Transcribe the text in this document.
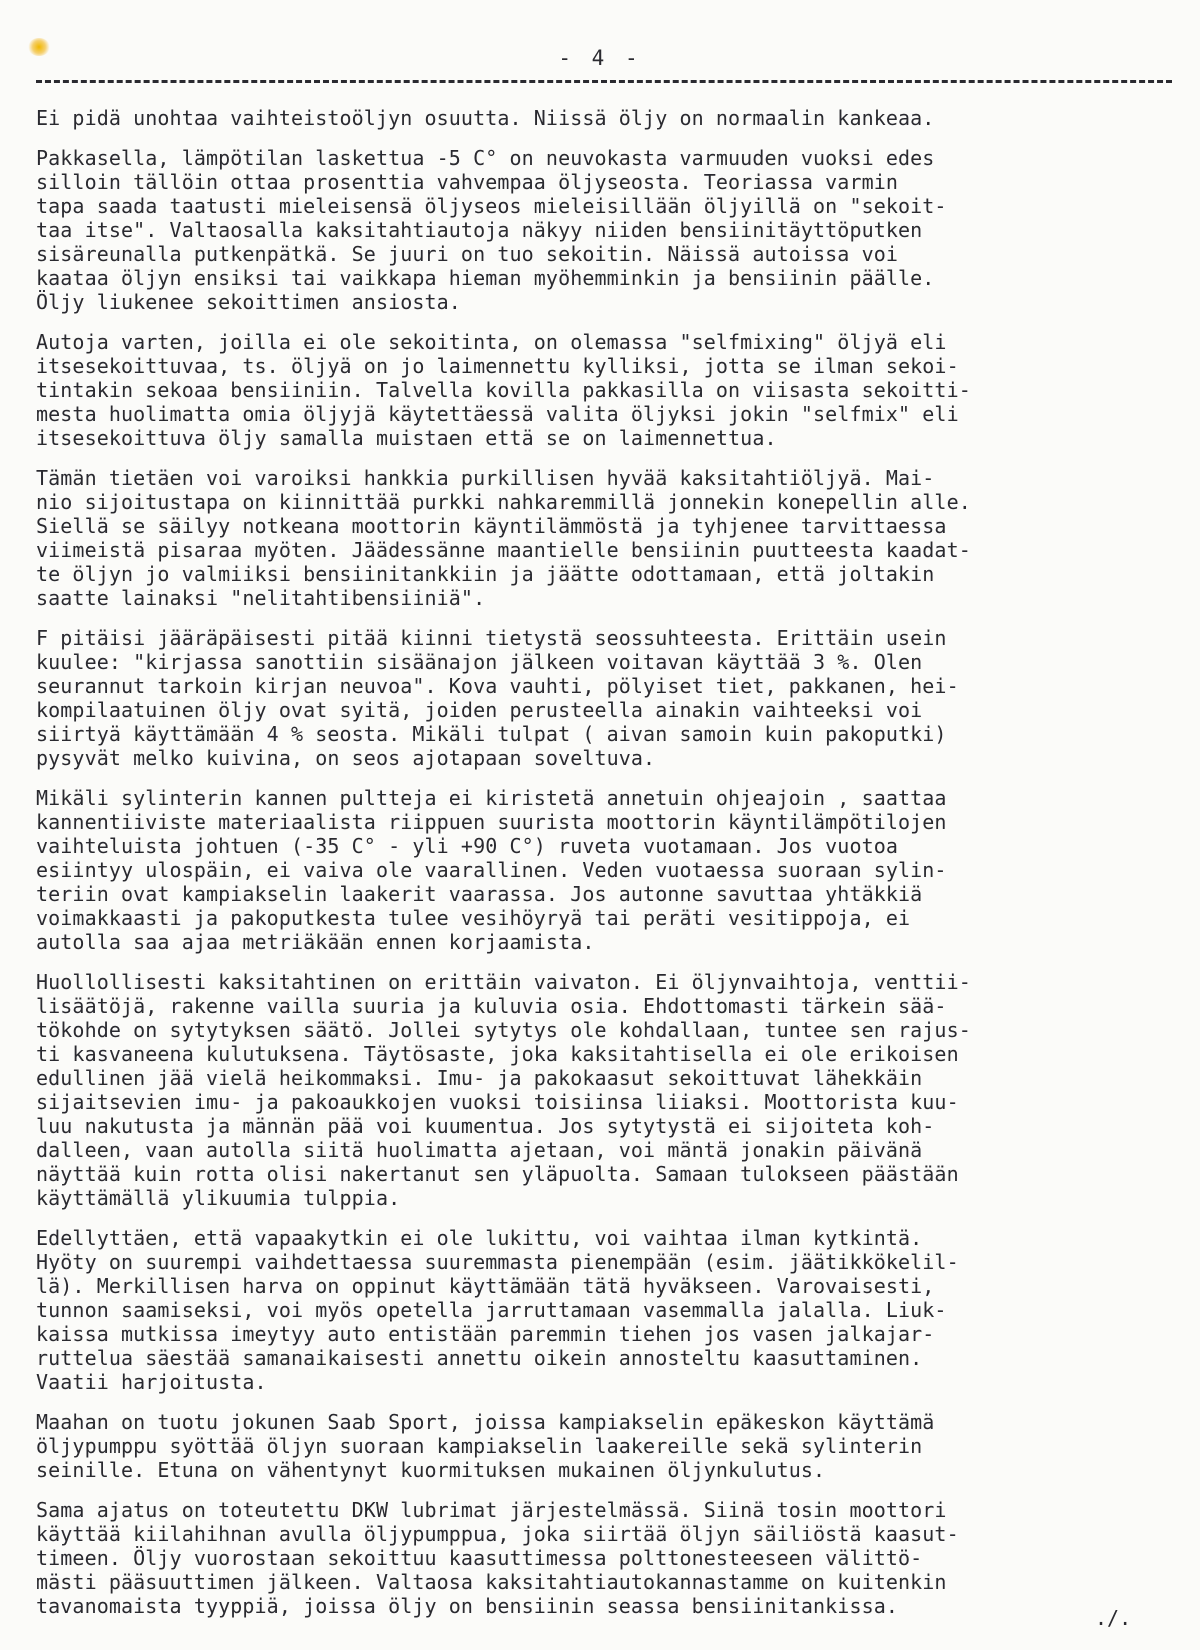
- 4 -
Ei pidä unohtaa vaihteistoöljyn osuutta. Niissä öljy on normaalin kankeaa.
Pakkasella, lämpötilan laskettua -5 C° on neuvokasta varmuuden vuoksi edes
silloin tällöin ottaa prosenttia vahvempaa öljyseosta. Teoriassa varmin
tapa saada taatusti mieleisensä öljyseos mieleisillään öljyillä on "sekoit-
taa itse". Valtaosalla kaksitahtiautoja näkyy niiden bensiinitäyttöputken
sisäreunalla putkenpätkä. Se juuri on tuo sekoitin. Näissä autoissa voi
kaataa öljyn ensiksi tai vaikkapa hieman myöhemminkin ja bensiinin päälle.
Öljy liukenee sekoittimen ansiosta.
Autoja varten, joilla ei ole sekoitinta, on olemassa "selfmixing" öljyä eli
itsesekoittuvaa, ts. öljyä on jo laimennettu kylliksi, jotta se ilman sekoi-
tintakin sekoaa bensiiniin. Talvella kovilla pakkasilla on viisasta sekoitti-
mesta huolimatta omia öljyjä käytettäessä valita öljyksi jokin "selfmix" eli
itsesekoittuva öljy samalla muistaen että se on laimennettua.
Tämän tietäen voi varoiksi hankkia purkillisen hyvää kaksitahtiöljyä. Mai-
nio sijoitustapa on kiinnittää purkki nahkaremmillä jonnekin konepellin alle.
Siellä se säilyy notkeana moottorin käyntilämmöstä ja tyhjenee tarvittaessa
viimeistä pisaraa myöten. Jäädessänne maantielle bensiinin puutteesta kaadat-
te öljyn jo valmiiksi bensiinitankkiin ja jäätte odottamaan, että joltakin
saatte lainaksi "nelitahtibensiiniä".
F pitäisi jääräpäisesti pitää kiinni tietystä seossuhteesta. Erittäin usein
kuulee: "kirjassa sanottiin sisäänajon jälkeen voitavan käyttää 3 %. Olen
seurannut tarkoin kirjan neuvoa". Kova vauhti, pölyiset tiet, pakkanen, hei-
kompilaatuinen öljy ovat syitä, joiden perusteella ainakin vaihteeksi voi
siirtyä käyttämään 4 % seosta. Mikäli tulpat ( aivan samoin kuin pakoputki)
pysyvät melko kuivina, on seos ajotapaan soveltuva.
Mikäli sylinterin kannen pultteja ei kiristetä annetuin ohjeajoin , saattaa
kannentiiviste materiaalista riippuen suurista moottorin käyntilämpötilojen
vaihteluista johtuen (-35 C° - yli +90 C°) ruveta vuotamaan. Jos vuotoa
esiintyy ulospäin, ei vaiva ole vaarallinen. Veden vuotaessa suoraan sylin-
teriin ovat kampiakselin laakerit vaarassa. Jos autonne savuttaa yhtäkkiä
voimakkaasti ja pakoputkesta tulee vesihöyryä tai peräti vesitippoja, ei
autolla saa ajaa metriäkään ennen korjaamista.
Huollollisesti kaksitahtinen on erittäin vaivaton. Ei öljynvaihtoja, venttii-
lisäätöjä, rakenne vailla suuria ja kuluvia osia. Ehdottomasti tärkein sää-
tökohde on sytytyksen säätö. Jollei sytytys ole kohdallaan, tuntee sen rajus-
ti kasvaneena kulutuksena. Täytösaste, joka kaksitahtisella ei ole erikoisen
edullinen jää vielä heikommaksi. Imu- ja pakokaasut sekoittuvat lähekkäin
sijaitsevien imu- ja pakoaukkojen vuoksi toisiinsa liiaksi. Moottorista kuu-
luu nakutusta ja männän pää voi kuumentua. Jos sytytystä ei sijoiteta koh-
dalleen, vaan autolla siitä huolimatta ajetaan, voi mäntä jonakin päivänä
näyttää kuin rotta olisi nakertanut sen yläpuolta. Samaan tulokseen päästään
käyttämällä ylikuumia tulppia.
Edellyttäen, että vapaakytkin ei ole lukittu, voi vaihtaa ilman kytkintä.
Hyöty on suurempi vaihdettaessa suuremmasta pienempään (esim. jäätikkökelil-
lä). Merkillisen harva on oppinut käyttämään tätä hyväkseen. Varovaisesti,
tunnon saamiseksi, voi myös opetella jarruttamaan vasemmalla jalalla. Liuk-
kaissa mutkissa imeytyy auto entistään paremmin tiehen jos vasen jalkajar-
ruttelua säestää samanaikaisesti annettu oikein annosteltu kaasuttaminen.
Vaatii harjoitusta.
Maahan on tuotu jokunen Saab Sport, joissa kampiakselin epäkeskon käyttämä
öljypumppu syöttää öljyn suoraan kampiakselin laakereille sekä sylinterin
seinille. Etuna on vähentynyt kuormituksen mukainen öljynkulutus.
Sama ajatus on toteutettu DKW lubrimat järjestelmässä. Siinä tosin moottori
käyttää kiilahihnan avulla öljypumppua, joka siirtää öljyn säiliöstä kaasut-
timeen. Öljy vuorostaan sekoittuu kaasuttimessa polttonesteeseen välittö-
mästi pääsuuttimen jälkeen. Valtaosa kaksitahtiautokannastamme on kuitenkin
tavanomaista tyyppiä, joissa öljy on bensiinin seassa bensiinitankissa.	./.
